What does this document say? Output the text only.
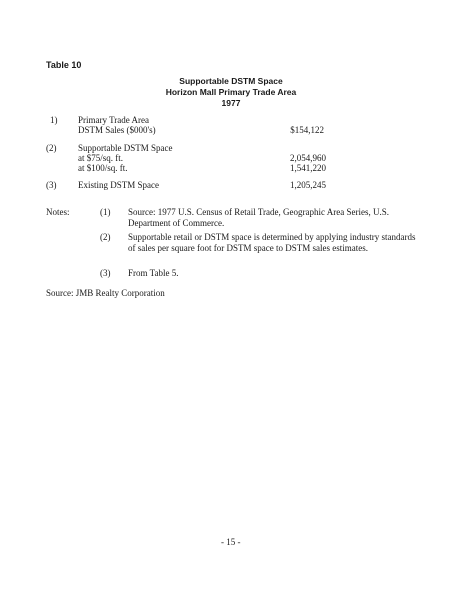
Table 10
Supportable DSTM Space
Horizon Mall Primary Trade Area
1977
1) Primary Trade Area
DSTM Sales ($000's)	$154,122
(2) Supportable DSTM Space
at $75/sq. ft.	2,054,960
at $100/sq. ft.	1,541,220
(3) Existing DSTM Space	1,205,245
Notes:	(1) Source: 1977 U.S. Census of Retail Trade, Geographic Area Series, U.S. Department of Commerce.
(2) Supportable retail or DSTM space is determined by applying industry standards of sales per square foot for DSTM space to DSTM sales estimates.
(3) From Table 5.
Source: JMB Realty Corporation
- 15 -
